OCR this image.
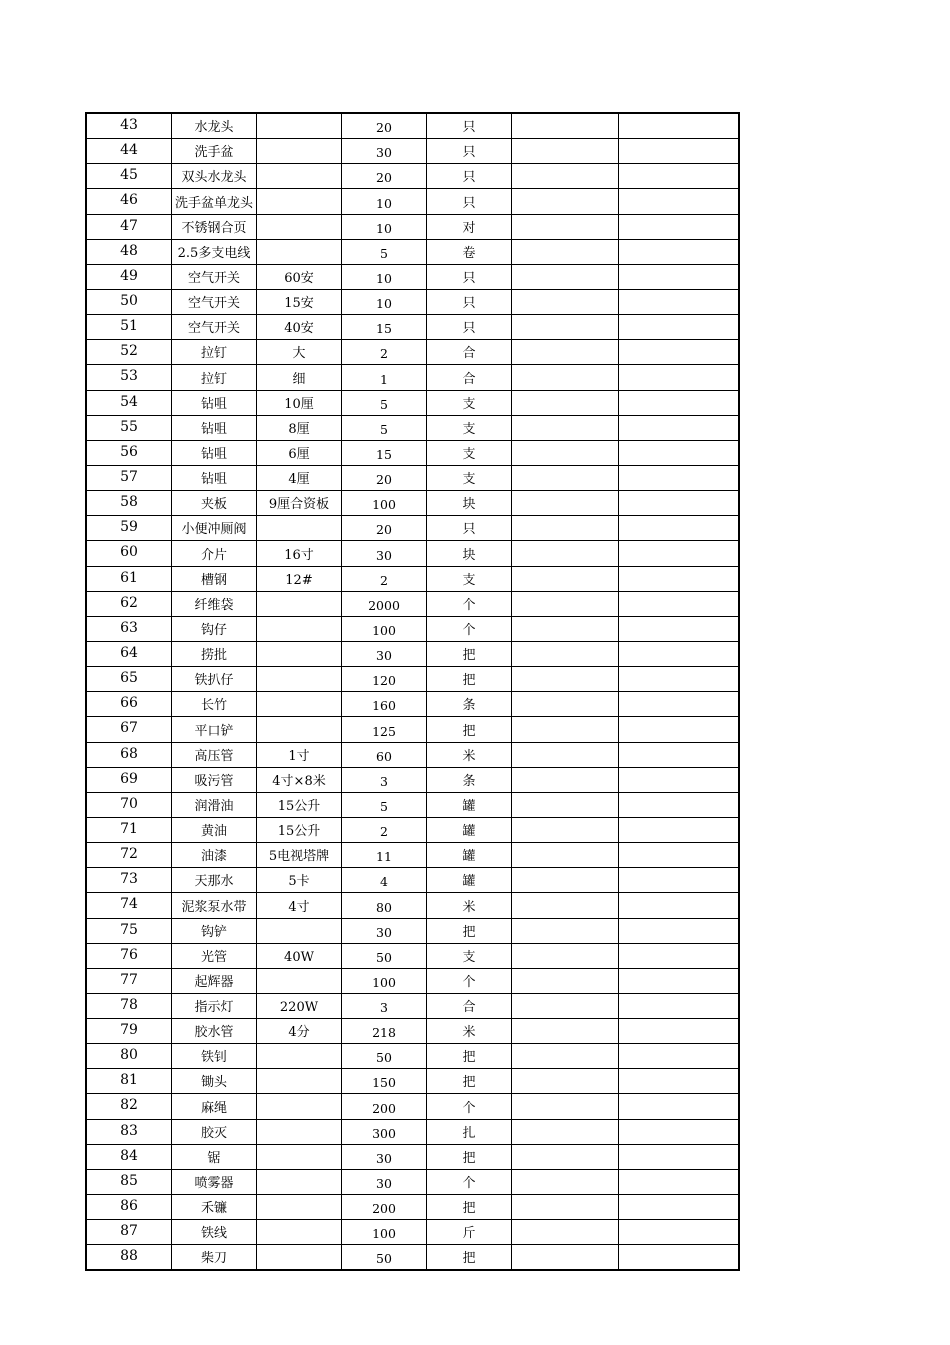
43	水龙头		20	只		
44	洗手盆		30	只		
45	双头水龙头		20	只		
46	洗手盆单龙头		10	只		
47	不锈钢合页		10	对		
48	2.5多支电线		5	卷		
49	空气开关	60安	10	只		
50	空气开关	15安	10	只		
51	空气开关	40安	15	只		
52	拉钉	大	2	合		
53	拉钉	细	1	合		
54	钻咀	10厘	5	支		
55	钻咀	8厘	5	支		
56	钻咀	6厘	15	支		
57	钻咀	4厘	20	支		
58	夹板	9厘合资板	100	块		
59	小便冲厕阀		20	只		
60	介片	16寸	30	块		
61	槽钢	12#	2	支		
62	纤维袋		2000	个		
63	钩仔		100	个		
64	捞批		30	把		
65	铁扒仔		120	把		
66	长竹		160	条		
67	平口铲		125	把		
68	高压管	1寸	60	米		
69	吸污管	4寸×8米	3	条		
70	润滑油	15公升	5	罐		
71	黄油	15公升	2	罐		
72	油漆	5电视塔牌	11	罐		
73	天那水	5卡	4	罐		
74	泥浆泵水带	4寸	80	米		
75	钩铲		30	把		
76	光管	40W	50	支		
77	起辉器		100	个		
78	指示灯	220W	3	合		
79	胶水管	4分	218	米		
80	铁钊		50	把		
81	锄头		150	把		
82	麻绳		200	个		
83	胶灭		300	扎		
84	锯		30	把		
85	喷雾器		30	个		
86	禾镰		200	把		
87	铁线		100	斤		
88	柴刀		50	把		
